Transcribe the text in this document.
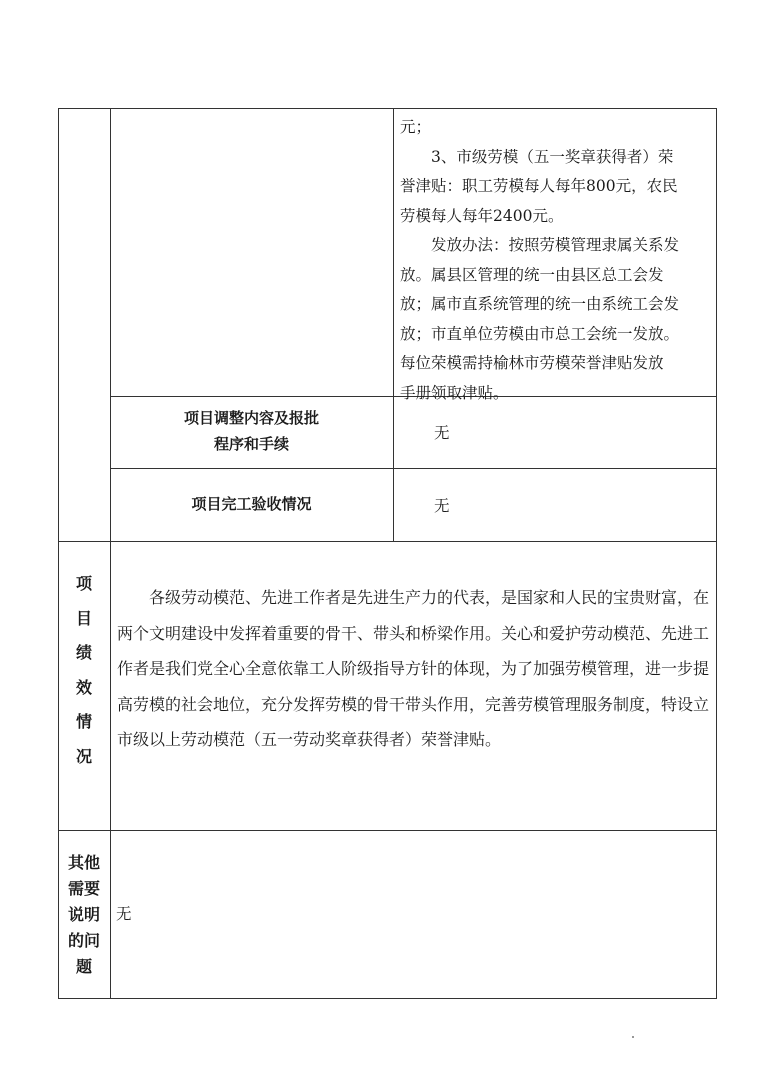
元；
　　3、市级劳模（五一奖章获得者）荣
誉津贴：职工劳模每人每年800元，农民
劳模每人每年2400元。
　　发放办法：按照劳模管理隶属关系发
放。属县区管理的统一由县区总工会发
放；属市直系统管理的统一由系统工会发
放；市直单位劳模由市总工会统一发放。
每位荣模需持榆林市劳模荣誉津贴发放
手册领取津贴。
项目调整内容及报批
程序和手续
无
项目完工验收情况	无
项
目
绩
效
情
况
各级劳动模范、先进工作者是先进生产力的代表，是国家和人民的宝贵财富，在两个文明建设中发挥着重要的骨干、带头和桥梁作用。关心和爱护劳动模范、先进工作者是我们党全心全意依靠工人阶级指导方针的体现，为了加强劳模管理，进一步提高劳模的社会地位，充分发挥劳模的骨干带头作用，完善劳模管理服务制度，特设立市级以上劳动模范（五一劳动奖章获得者）荣誉津贴。
其他
需要
说明
的问
题
无
